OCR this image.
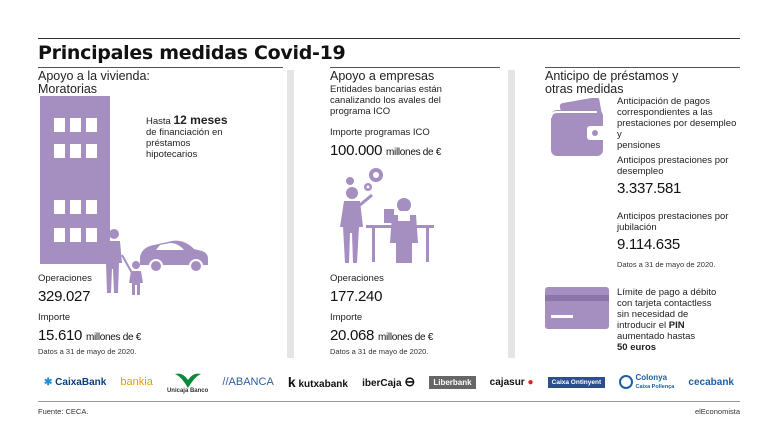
Principales medidas Covid-19
Apoyo a la vivienda:
Moratorias
Hasta 12 meses
de financiación en
préstamos
hipotecarios
Operaciones
329.027
Importe
15.610 millones de €
Datos a 31 de mayo de 2020.
Apoyo a empresas
Entidades bancarias están
canalizando los avales del
programa ICO
Importe programas ICO
100.000 millones de €
Operaciones
177.240
Importe
20.068 millones de €
Datos a 31 de mayo de 2020.
Anticipo de préstamos y
otras medidas
Anticipación de pagos
correspondientes a las
prestaciones por desempleo y
pensiones
Anticipos prestaciones por
desempleo
3.337.581
Anticipos prestaciones por
jubilación
9.114.635
Datos a 31 de mayo de 2020.
Límite de pago a débito
con tarjeta contactless
sin necesidad de
introducir el PIN
aumentado hastas
50 euros
✱ CaixaBank bankia
Unicaja Banco
//ABANCA k kutxabank iberCaja ⊖	Liberbank	cajasur ●	Caixa Ontinyent
Colonya
Caixa Pollença cecabank
Fuente: CECA.	elEconomista
